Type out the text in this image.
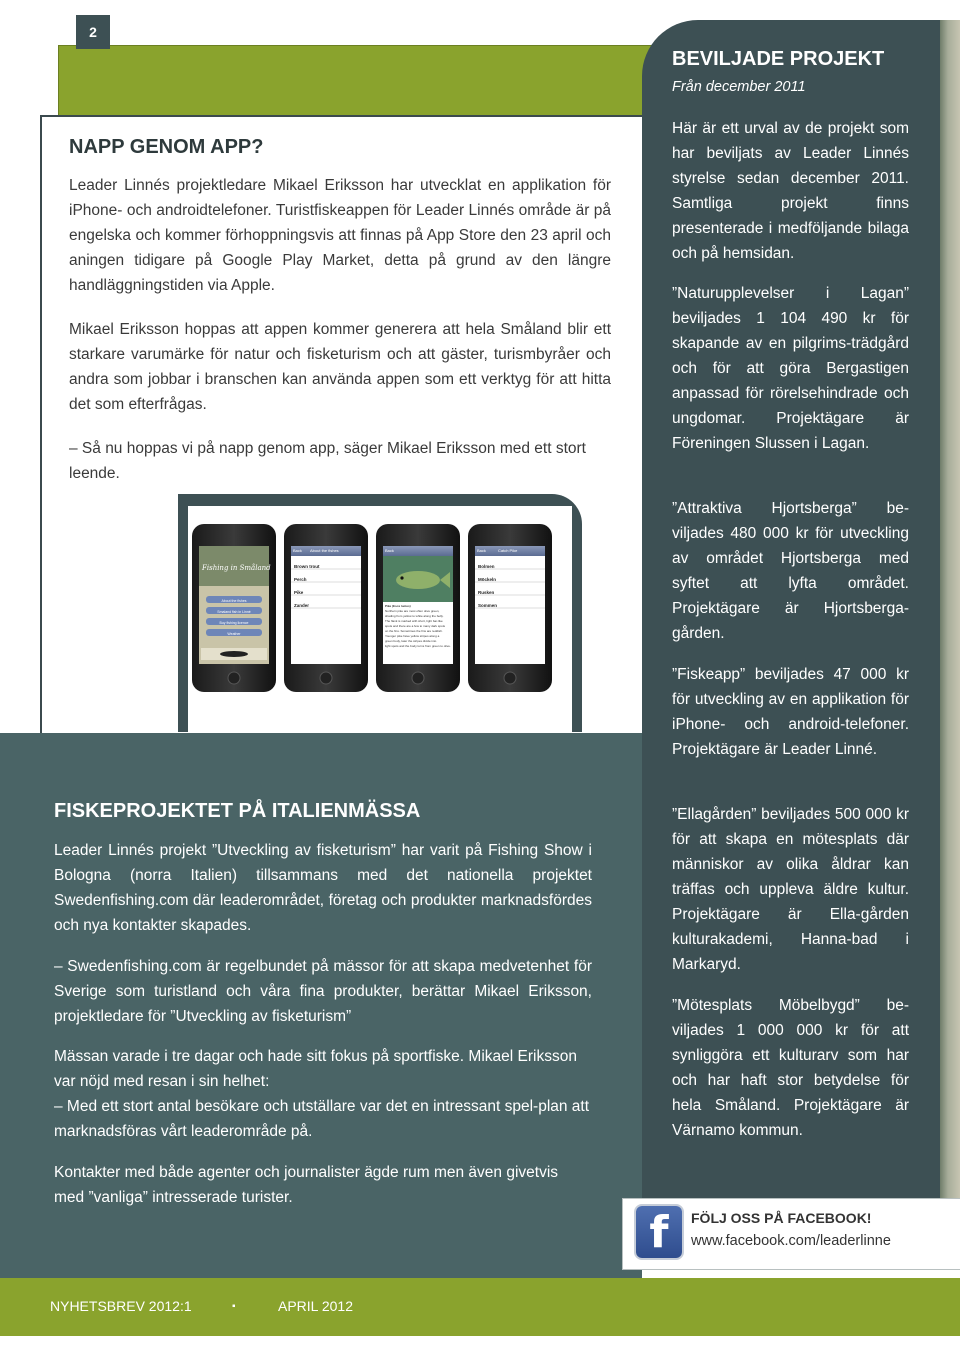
2
NAPP GENOM APP?
Leader Linnés projektledare Mikael Eriksson har utvecklat en applikation för iPhone- och androidtelefoner. Turistfiskeappen för Leader Linnés område är på engelska och kommer förhoppningsvis att finnas på App Store den 23 april och aningen tidigare på Google Play Market, detta på grund av den längre handläggningstiden via Apple.
Mikael Eriksson hoppas att appen kommer generera att hela Småland blir ett starkare varumärke för natur och fisketurism och att gäster, turismbyråer och andra som jobbar i branschen kan använda appen som ett verktyg för att hitta det som efterfrågas.
– Så nu hoppas vi på napp genom app, säger Mikael Eriksson med ett stort leende.
Fishing in Småland
About the fishes
Smaland fish in Linné
Buy fishing licence
Weather
Back About the fishes
Brown trout
Perch
Pike
Zander
Back
Pike (Esox lucius)
Northern pike are most often olive green,
shading from yellow to white along the belly.
The flank is marked with short, light bar-like
spots and there are a few to many dark spots
on the fins. Sometimes the fins are reddish.
Younger pike have yellow stripes along a
green body, later the stripes divide into
light spots and the body turns from green to olive.
Back	Catch Pike
Bolmen
Möckeln
Rusken
Sommen
FISKEPROJEKTET PÅ ITALIENMÄSSA
Leader Linnés projekt ”Utveckling av fisketurism” har varit på Fishing Show i Bologna (norra Italien) tillsammans med det nationella projektet Swedenfishing.com där leaderområdet, företag och produkter marknadsfördes och nya kontakter skapades.
– Swedenfishing.com är regelbundet på mässor för att skapa medvetenhet för Sverige som turistland och våra fina produkter, berättar Mikael Eriksson, projektledare för ”Utveckling av fisketurism”
Mässan varade i tre dagar och hade sitt fokus på sportfiske. Mikael Eriksson var nöjd med resan i sin helhet:
– Med ett stort antal besökare och utställare var det en intressant spel-plan att marknadsföras vårt leaderområde på.
Kontakter med både agenter och journalister ägde rum men även givetvis med ”vanliga” intresserade turister.
BEVILJADE PROJEKT
Från december 2011
Här är ett urval av de projekt som har beviljats av Leader Linnés styrelse sedan december 2011. Samtliga projekt finns presenterade i medföljande bilaga och på hemsidan.
”Naturupplevelser i Lagan” beviljades 1 104 490 kr för skapande av en pilgrims-trädgård och för att göra Bergastigen anpassad för rörelsehindrade och ungdomar. Projektägare är Föreningen Slussen i Lagan.
”Attraktiva Hjortsberga” be-viljades 480 000 kr för utveckling av området Hjortsberga med syftet att lyfta området. Projektägare är Hjortsberga-gården.
”Fiskeapp” beviljades 47 000 kr för utveckling av en applikation för iPhone- och android-telefoner. Projektägare är Leader Linné.
”Ellagården” beviljades 500 000 kr för att skapa en mötesplats där människor av olika åldrar kan träffas och uppleva äldre kultur. Projektägare är Ella-gården kulturakademi, Hanna-bad i Markaryd.
”Mötesplats Möbelbygd” be-viljades 1 000 000 kr för att synliggöra ett kulturarv som har och har haft stor betydelse för hela Småland. Projektägare är Värnamo kommun.
f	FÖLJ OSS PÅ FACEBOOK!
www.facebook.com/leaderlinne
NYHETSBREV 2012:1	▪	APRIL 2012
